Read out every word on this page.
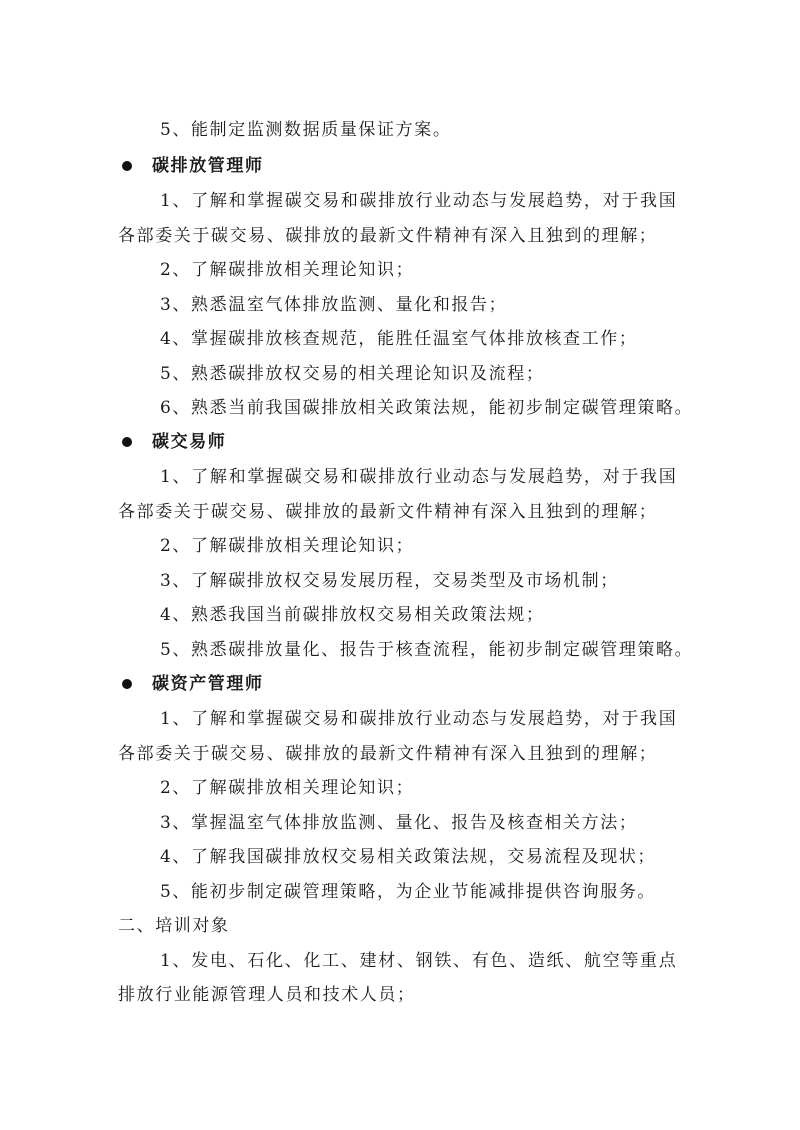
5、能制定监测数据质量保证方案。
碳排放管理师
1、了解和掌握碳交易和碳排放行业动态与发展趋势，对于我国
各部委关于碳交易、碳排放的最新文件精神有深入且独到的理解；
2、了解碳排放相关理论知识；
3、熟悉温室气体排放监测、量化和报告；
4、掌握碳排放核查规范，能胜任温室气体排放核查工作；
5、熟悉碳排放权交易的相关理论知识及流程；
6、熟悉当前我国碳排放相关政策法规，能初步制定碳管理策略。
碳交易师
1、了解和掌握碳交易和碳排放行业动态与发展趋势，对于我国
各部委关于碳交易、碳排放的最新文件精神有深入且独到的理解；
2、了解碳排放相关理论知识；
3、了解碳排放权交易发展历程，交易类型及市场机制；
4、熟悉我国当前碳排放权交易相关政策法规；
5、熟悉碳排放量化、报告于核查流程，能初步制定碳管理策略。
碳资产管理师
1、了解和掌握碳交易和碳排放行业动态与发展趋势，对于我国
各部委关于碳交易、碳排放的最新文件精神有深入且独到的理解；
2、了解碳排放相关理论知识；
3、掌握温室气体排放监测、量化、报告及核查相关方法；
4、了解我国碳排放权交易相关政策法规，交易流程及现状；
5、能初步制定碳管理策略，为企业节能减排提供咨询服务。
二、培训对象
1、发电、石化、化工、建材、钢铁、有色、造纸、航空等重点
排放行业能源管理人员和技术人员；
